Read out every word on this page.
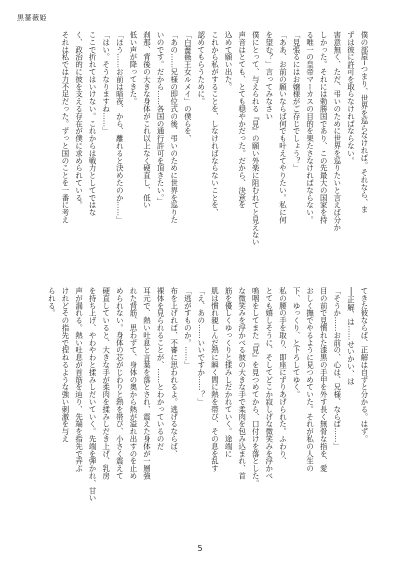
黒薔薇姫
僕の部屋─つまり、世界を巡らなければ。それなら、ま
ずは彼に許可を取らなければならない。
害意無く、ただ、弔いのために世界を巡りたいと言えば分か
しかった。それには勅勝国であり、この先最大の国家を持
る唯一の皇帝マーカスの目的を果たさなければならない。
「見張るにはお嬢様がご存じでしょう？」
「ああ、お前の願いならば何でも叶えてやりたい。私に何
を望む？」言ってみなさい
僕にとって、与えられる『見』の願い外楽に阻むれてと見えない
声音はとても、とても穏やかだった。だから、決意を
込めて願い出た。
これから私がすることを、しなければならないことを、
認めてもらうために。
「白薔薇王女ルメイ」の僕らを、
「あの……兄様の即位式の後、弔いのために世界を巡りた
いのです。だから……各国の通行許可を頂きたい。」
刹那、背後の大きな身体がこれ以上なく硬直し、低い
低い声が降ってきた。
「ほう……お前は暗夜、から、離れると決めたのか……」
「はい。そうなりますね……」
ここで折れてはいけない。これからは戦力としてではな
く、政治的に彼を支える存在が僕に求められている。
それは私では力不足だった。ずっと国のことを一番に考え
てきた彼ならば、正解は自ずと分かる。はず。
──正解、は……せいかい、は
「そうか……お前の、心は、兄様、ならば……」
目の前で見慣れた漆黒の手甲を外す長く無骨な指を、愛
おしく撫でやるように見つめていた。それが私の人生の
下、ゆっくり、と下ろしてゆく。
私の腰の手を取り、即座にずりあげられた。ふわり、
とても嬉しそうに、そしてどこか寂しげな微笑みを浮かべ
嗚咽をしてまた『見』を見つめてから、口付けを落とした。
な微笑みを浮かべる彼の大きな手で柔肉を包み込まれ、首
筋を優しくゆっくりと揉みしだかれていく。途端に
肌は慣れ親しんだ熱に瞬く間に熱を帯び、その息を乱す
「え、あの……いいですか……？」
「逃がすものか。……」
布を上げれば、不審に思われるよ。逃げるならば、
裸体を見られることが、……とわかっているのだ
耳元で、熱い吐息と言葉を落とされ、震えた身体が一層強
れた背筋、思わずて、身体の奥から熱が溢れ出すのを止め
められない。身体の芯がじわりと熱を帯び、小さく震えて
硬直していると、大きな手が柔肉を揉みしだき上げ、乳房
を持ち上げ、やわやわと揉みしだいていく。先端を弾かれ、甘い
声が漏れる。熱い吐息が首筋を辿り、先端を指先で弄ぶ
けれどその指先で捏ねるような強い刺激を与え
られる。
5
